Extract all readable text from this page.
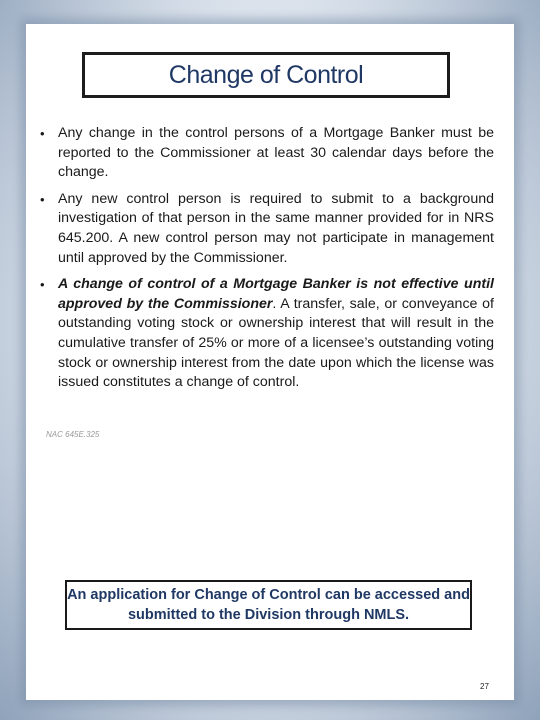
Change of Control
• Any change in the control persons of a Mortgage Banker must be reported to the Commissioner at least 30 calendar days before the change.
• Any new control person is required to submit to a background investigation of that person in the same manner provided for in NRS 645.200. A new control person may not participate in management until approved by the Commissioner.
• A change of control of a Mortgage Banker is not effective until approved by the Commissioner. A transfer, sale, or conveyance of outstanding voting stock or ownership interest that will result in the cumulative transfer of 25% or more of a licensee’s outstanding voting stock or ownership interest from the date upon which the license was issued constitutes a change of control.
NAC 645E.325
An application for Change of Control can be accessed and submitted to the Division through NMLS.
27
